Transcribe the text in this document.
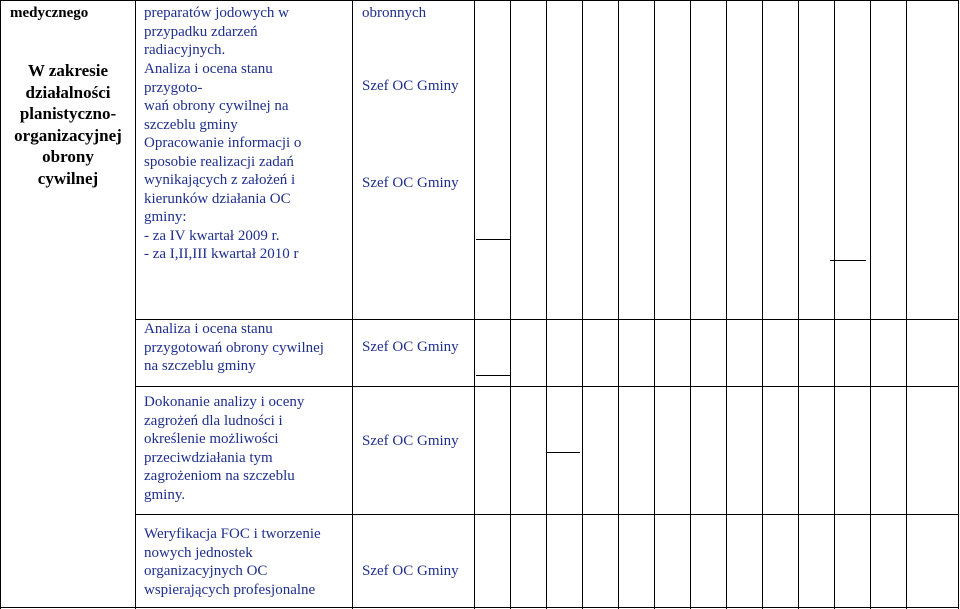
medycznego
W zakresie
działalności
planistyczno-
organizacyjnej
obrony
cywilnej
preparatów jodowych w
przypadku zdarzeń
radiacyjnych.
Analiza i ocena stanu
przygoto-
wań obrony cywilnej na
szczeblu gminy
Opracowanie informacji o
sposobie realizacji zadań
wynikających z założeń i
kierunków działania OC
gminy:
- za IV kwartał 2009 r.
- za I,II,III kwartał 2010 r
Analiza i ocena stanu
przygotowań obrony cywilnej
na szczeblu gminy
Dokonanie analizy i oceny
zagrożeń dla ludności i
określenie możliwości
przeciwdziałania tym
zagrożeniom na szczeblu
gminy.
Weryfikacja FOC i tworzenie
nowych jednostek
organizacyjnych OC
wspierających profesjonalne
obronnych
Szef OC Gminy
Szef OC Gminy
Szef OC Gminy
Szef OC Gminy
Szef OC Gminy
